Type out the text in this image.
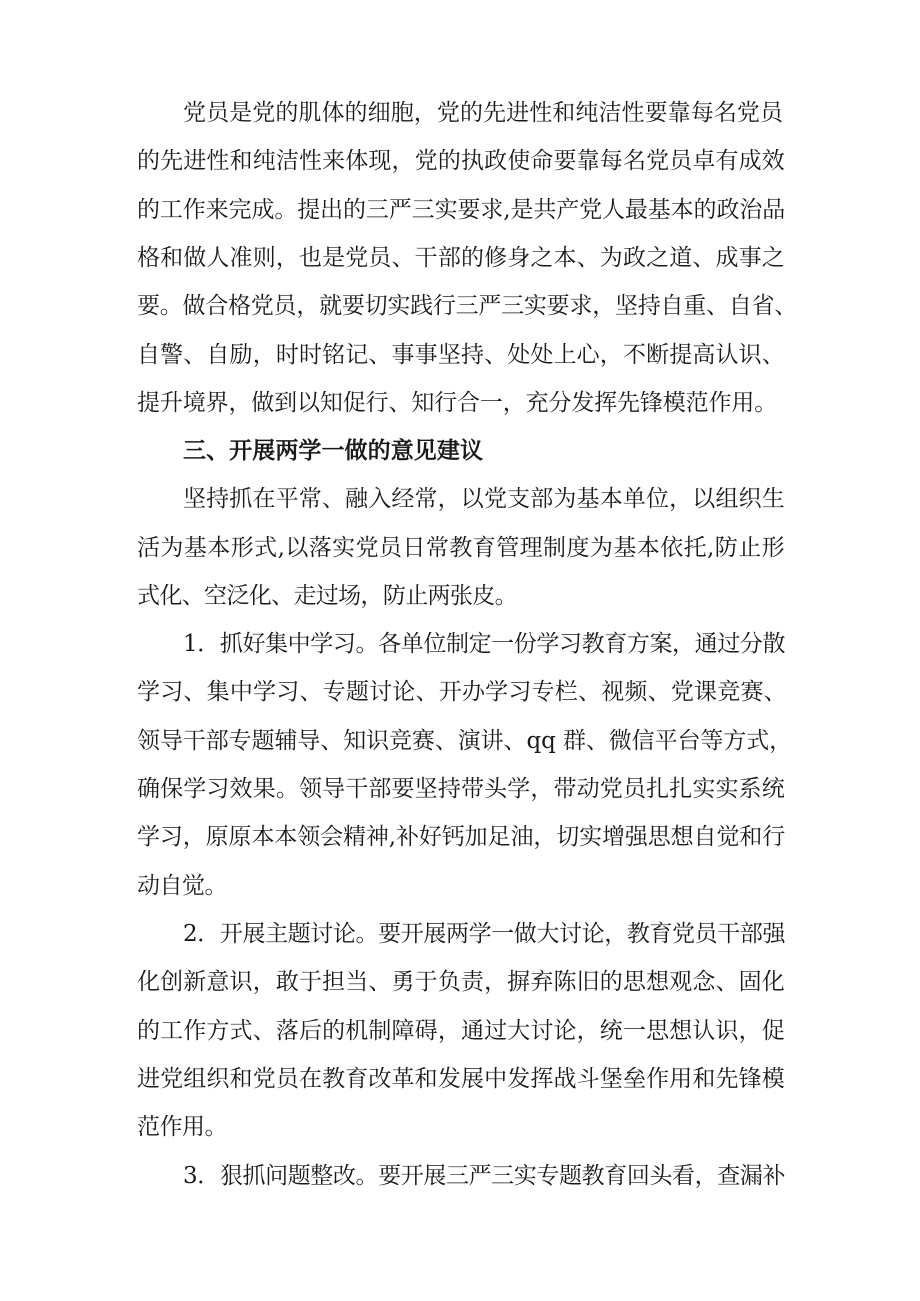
党员是党的肌体的细胞，党的先进性和纯洁性要靠每名党员

的先进性和纯洁性来体现，党的执政使命要靠每名党员卓有成效

的工作来完成。提出的三严三实要求,是共产党人最基本的政治品

格和做人准则，也是党员、干部的修身之本、为政之道、成事之

要。做合格党员，就要切实践行三严三实要求，坚持自重、自省、

自警、自励，时时铭记、事事坚持、处处上心，不断提高认识、

提升境界，做到以知促行、知行合一，充分发挥先锋模范作用。

三、开展两学一做的意见建议

坚持抓在平常、融入经常，以党支部为基本单位，以组织生

活为基本形式,以落实党员日常教育管理制度为基本依托,防止形

式化、空泛化、走过场，防止两张皮。

1．抓好集中学习。各单位制定一份学习教育方案，通过分散

学习、集中学习、专题讨论、开办学习专栏、视频、党课竞赛、

领导干部专题辅导、知识竞赛、演讲、qq 群、微信平台等方式，

确保学习效果。领导干部要坚持带头学，带动党员扎扎实实系统

学习，原原本本领会精神,补好钙加足油，切实增强思想自觉和行

动自觉。

2．开展主题讨论。要开展两学一做大讨论，教育党员干部强

化创新意识，敢于担当、勇于负责，摒弃陈旧的思想观念、固化

的工作方式、落后的机制障碍，通过大讨论，统一思想认识，促

进党组织和党员在教育改革和发展中发挥战斗堡垒作用和先锋模

范作用。

3．狠抓问题整改。要开展三严三实专题教育回头看，查漏补
